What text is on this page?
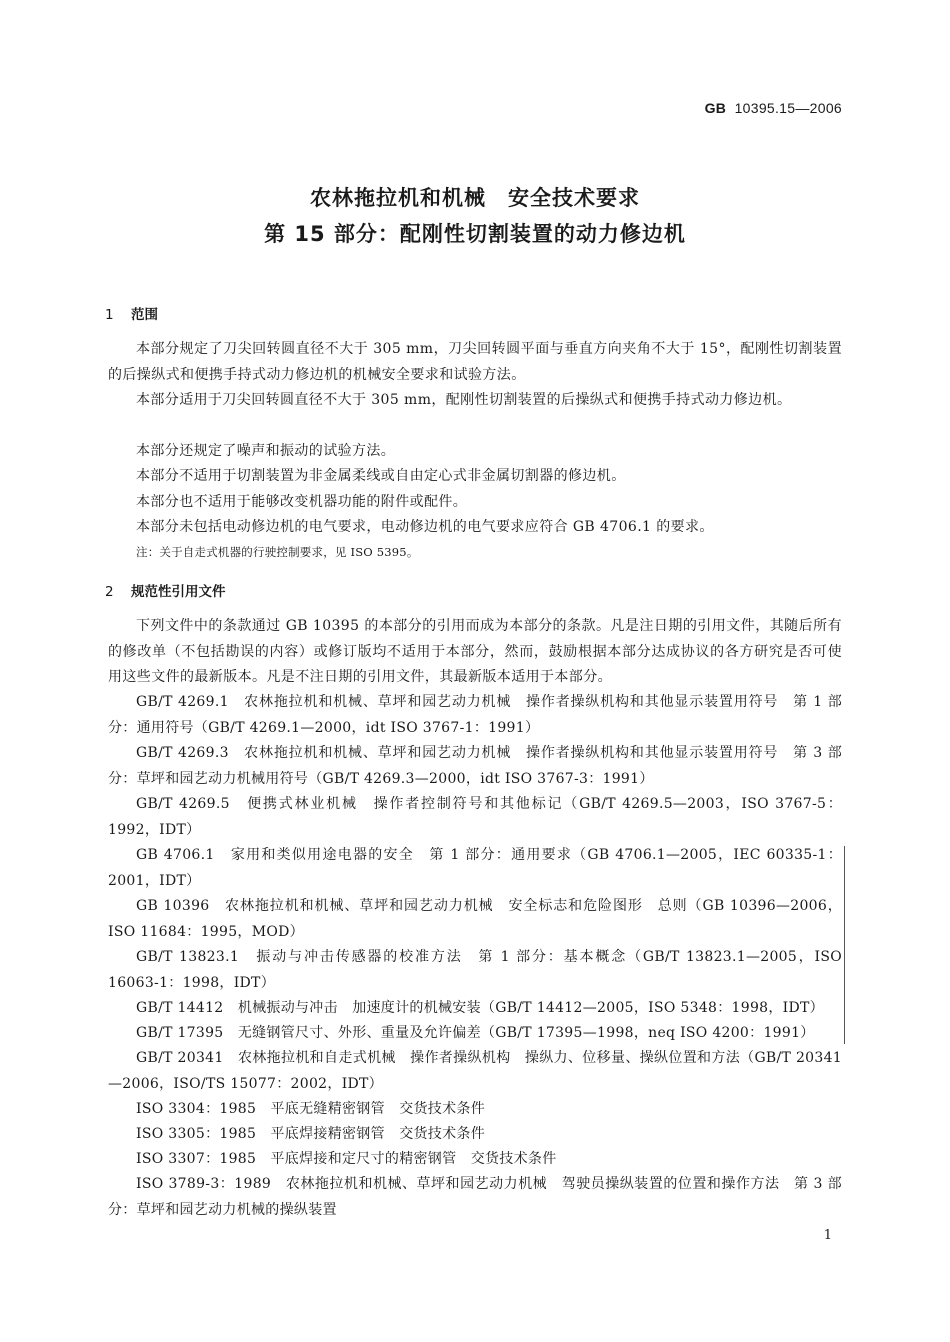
GB 10395.15—2006
农林拖拉机和机械　安全技术要求
第 15 部分：配刚性切割装置的动力修边机
1 范围
本部分规定了刀尖回转圆直径不大于 305 mm，刀尖回转圆平面与垂直方向夹角不大于 15°，配刚性切割装置的后操纵式和便携手持式动力修边机的机械安全要求和试验方法。
本部分适用于刀尖回转圆直径不大于 305 mm，配刚性切割装置的后操纵式和便携手持式动力修边机。
本部分还规定了噪声和振动的试验方法。
本部分不适用于切割装置为非金属柔线或自由定心式非金属切割器的修边机。
本部分也不适用于能够改变机器功能的附件或配件。
本部分未包括电动修边机的电气要求，电动修边机的电气要求应符合 GB 4706.1 的要求。
注：关于自走式机器的行驶控制要求，见 ISO 5395。
2 规范性引用文件
下列文件中的条款通过 GB 10395 的本部分的引用而成为本部分的条款。凡是注日期的引用文件，其随后所有的修改单（不包括勘误的内容）或修订版均不适用于本部分，然而，鼓励根据本部分达成协议的各方研究是否可使用这些文件的最新版本。凡是不注日期的引用文件，其最新版本适用于本部分。
GB/T 4269.1　农林拖拉机和机械、草坪和园艺动力机械　操作者操纵机构和其他显示装置用符号　第 1 部分：通用符号（GB/T 4269.1—2000，idt ISO 3767-1：1991）
GB/T 4269.3　农林拖拉机和机械、草坪和园艺动力机械　操作者操纵机构和其他显示装置用符号　第 3 部分：草坪和园艺动力机械用符号（GB/T 4269.3—2000，idt ISO 3767-3：1991）
GB/T 4269.5　便携式林业机械　操作者控制符号和其他标记（GB/T 4269.5—2003，ISO 3767-5：1992，IDT）
GB 4706.1　家用和类似用途电器的安全　第 1 部分：通用要求（GB 4706.1—2005，IEC 60335-1：2001，IDT）
GB 10396　农林拖拉机和机械、草坪和园艺动力机械　安全标志和危险图形　总则（GB 10396—2006，ISO 11684：1995，MOD）
GB/T 13823.1　振动与冲击传感器的校准方法　第 1 部分：基本概念（GB/T 13823.1—2005，ISO 16063-1：1998，IDT）
GB/T 14412　机械振动与冲击　加速度计的机械安装（GB/T 14412—2005，ISO 5348：1998，IDT）
GB/T 17395　无缝钢管尺寸、外形、重量及允许偏差（GB/T 17395—1998，neq ISO 4200：1991）
GB/T 20341　农林拖拉机和自走式机械　操作者操纵机构　操纵力、位移量、操纵位置和方法（GB/T 20341—2006，ISO/TS 15077：2002，IDT）
ISO 3304：1985　平底无缝精密钢管　交货技术条件
ISO 3305：1985　平底焊接精密钢管　交货技术条件
ISO 3307：1985　平底焊接和定尺寸的精密钢管　交货技术条件
ISO 3789-3：1989　农林拖拉机和机械、草坪和园艺动力机械　驾驶员操纵装置的位置和操作方法　第 3 部分：草坪和园艺动力机械的操纵装置
1
